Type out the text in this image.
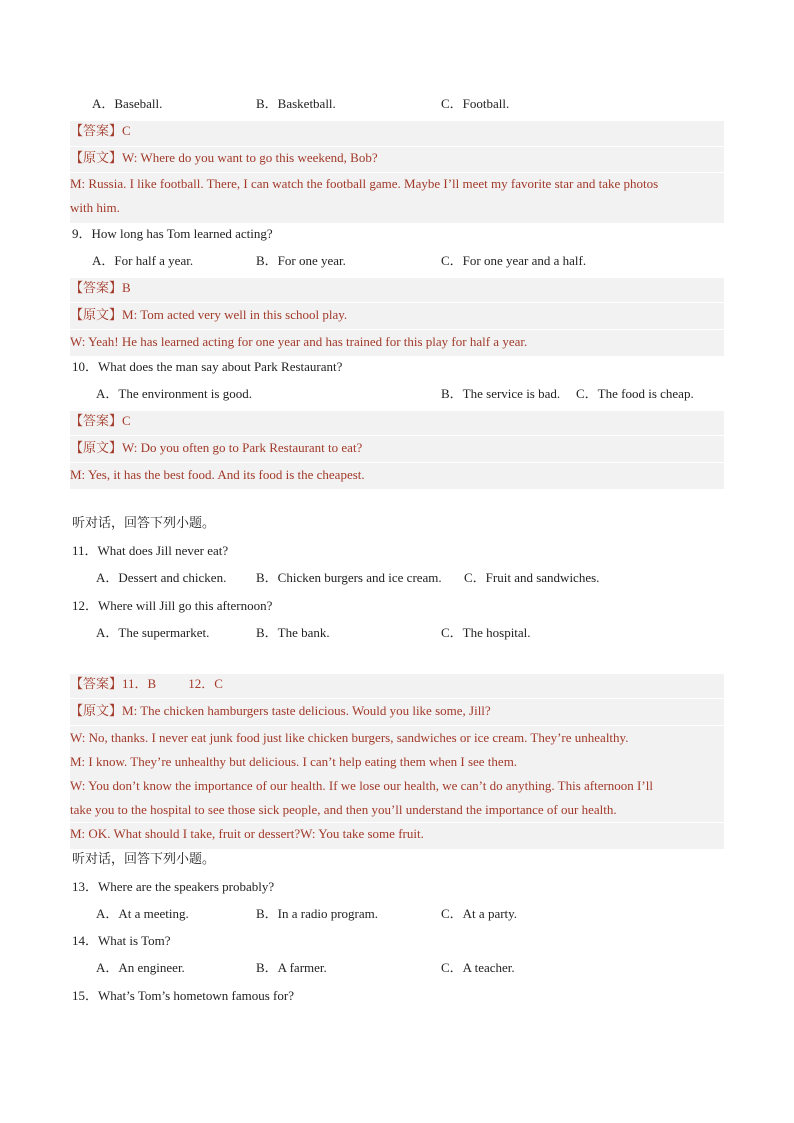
A．Baseball.	B．Basketball.	C．Football.
【答案】C
【原文】W: Where do you want to go this weekend, Bob?
M: Russia. I like football. There, I can watch the football game. Maybe I’ll meet my favorite star and take photos
with him.
9．How long has Tom learned acting?
A．For half a year.	B．For one year.	C．For one year and a half.
【答案】B
【原文】M: Tom acted very well in this school play.
W: Yeah! He has learned acting for one year and has trained for this play for half a year.
10．What does the man say about Park Restaurant?
A．The environment is good.	B．The service is bad. C．The food is cheap.
【答案】C
【原文】W: Do you often go to Park Restaurant to eat?
M: Yes, it has the best food. And its food is the cheapest.
听对话，回答下列小题。
11．What does Jill never eat?
A．Dessert and chicken. B．Chicken burgers and ice cream. C．Fruit and sandwiches.
12．Where will Jill go this afternoon?
A．The supermarket.	B．The bank.	C．The hospital.
【答案】11．B 12．C
【原文】M: The chicken hamburgers taste delicious. Would you like some, Jill?
W: No, thanks. I never eat junk food just like chicken burgers, sandwiches or ice cream. They’re unhealthy.
M: I know. They’re unhealthy but delicious. I can’t help eating them when I see them.
W: You don’t know the importance of our health. If we lose our health, we can’t do anything. This afternoon I’ll
take you to the hospital to see those sick people, and then you’ll understand the importance of our health.
M: OK. What should I take, fruit or dessert?W: You take some fruit.
听对话，回答下列小题。
13．Where are the speakers probably?
A．At a meeting.	B．In a radio program.	C．At a party.
14．What is Tom?
A．An engineer.	B．A farmer.	C．A teacher.
15．What’s Tom’s hometown famous for?
